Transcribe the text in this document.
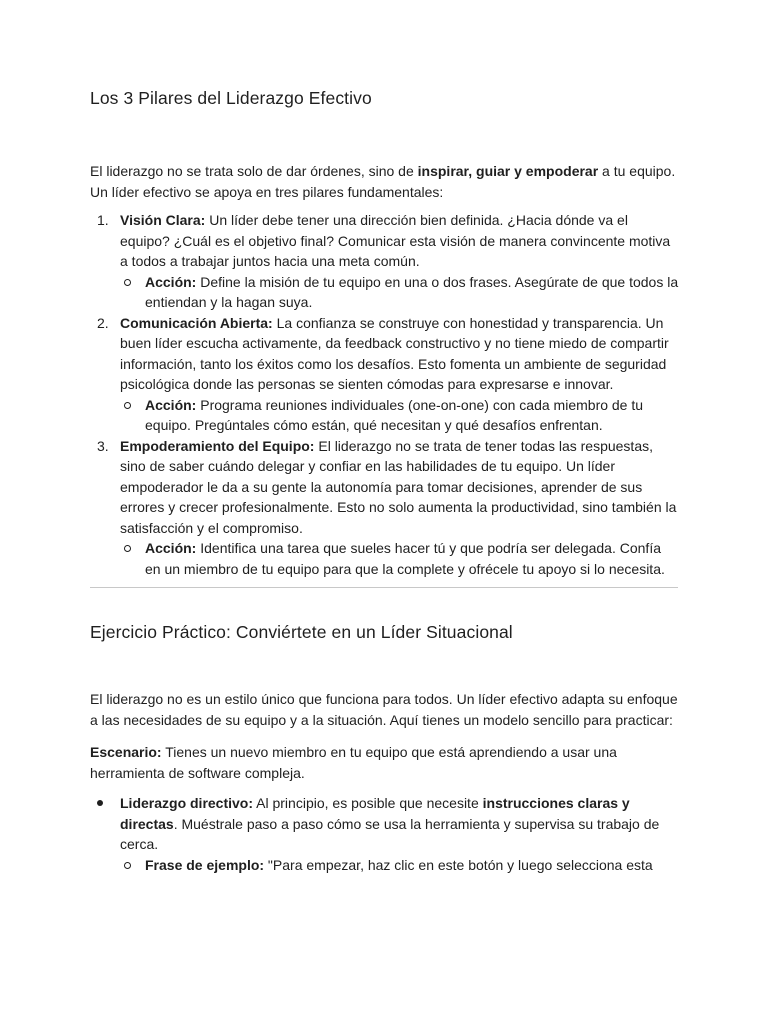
Los 3 Pilares del Liderazgo Efectivo

El liderazgo no se trata solo de dar órdenes, sino de inspirar, guiar y empoderar a tu equipo. Un líder efectivo se apoya en tres pilares fundamentales:

1. Visión Clara: Un líder debe tener una dirección bien definida. ¿Hacia dónde va el equipo? ¿Cuál es el objetivo final? Comunicar esta visión de manera convincente motiva a todos a trabajar juntos hacia una meta común.
Acción: Define la misión de tu equipo en una o dos frases. Asegúrate de que todos la entiendan y la hagan suya.
2. Comunicación Abierta: La confianza se construye con honestidad y transparencia. Un buen líder escucha activamente, da feedback constructivo y no tiene miedo de compartir información, tanto los éxitos como los desafíos. Esto fomenta un ambiente de seguridad psicológica donde las personas se sienten cómodas para expresarse e innovar.
Acción: Programa reuniones individuales (one-on-one) con cada miembro de tu equipo. Pregúntales cómo están, qué necesitan y qué desafíos enfrentan.
3. Empoderamiento del Equipo: El liderazgo no se trata de tener todas las respuestas, sino de saber cuándo delegar y confiar en las habilidades de tu equipo. Un líder empoderador le da a su gente la autonomía para tomar decisiones, aprender de sus errores y crecer profesionalmente. Esto no solo aumenta la productividad, sino también la satisfacción y el compromiso.
Acción: Identifica una tarea que sueles hacer tú y que podría ser delegada. Confía en un miembro de tu equipo para que la complete y ofrécele tu apoyo si lo necesita.
Ejercicio Práctico: Conviértete en un Líder Situacional

El liderazgo no es un estilo único que funciona para todos. Un líder efectivo adapta su enfoque a las necesidades de su equipo y a la situación. Aquí tienes un modelo sencillo para practicar:

Escenario: Tienes un nuevo miembro en tu equipo que está aprendiendo a usar una herramienta de software compleja.

Liderazgo directivo: Al principio, es posible que necesite instrucciones claras y directas. Muéstrale paso a paso cómo se usa la herramienta y supervisa su trabajo de cerca.
Frase de ejemplo: "Para empezar, haz clic en este botón y luego selecciona esta
